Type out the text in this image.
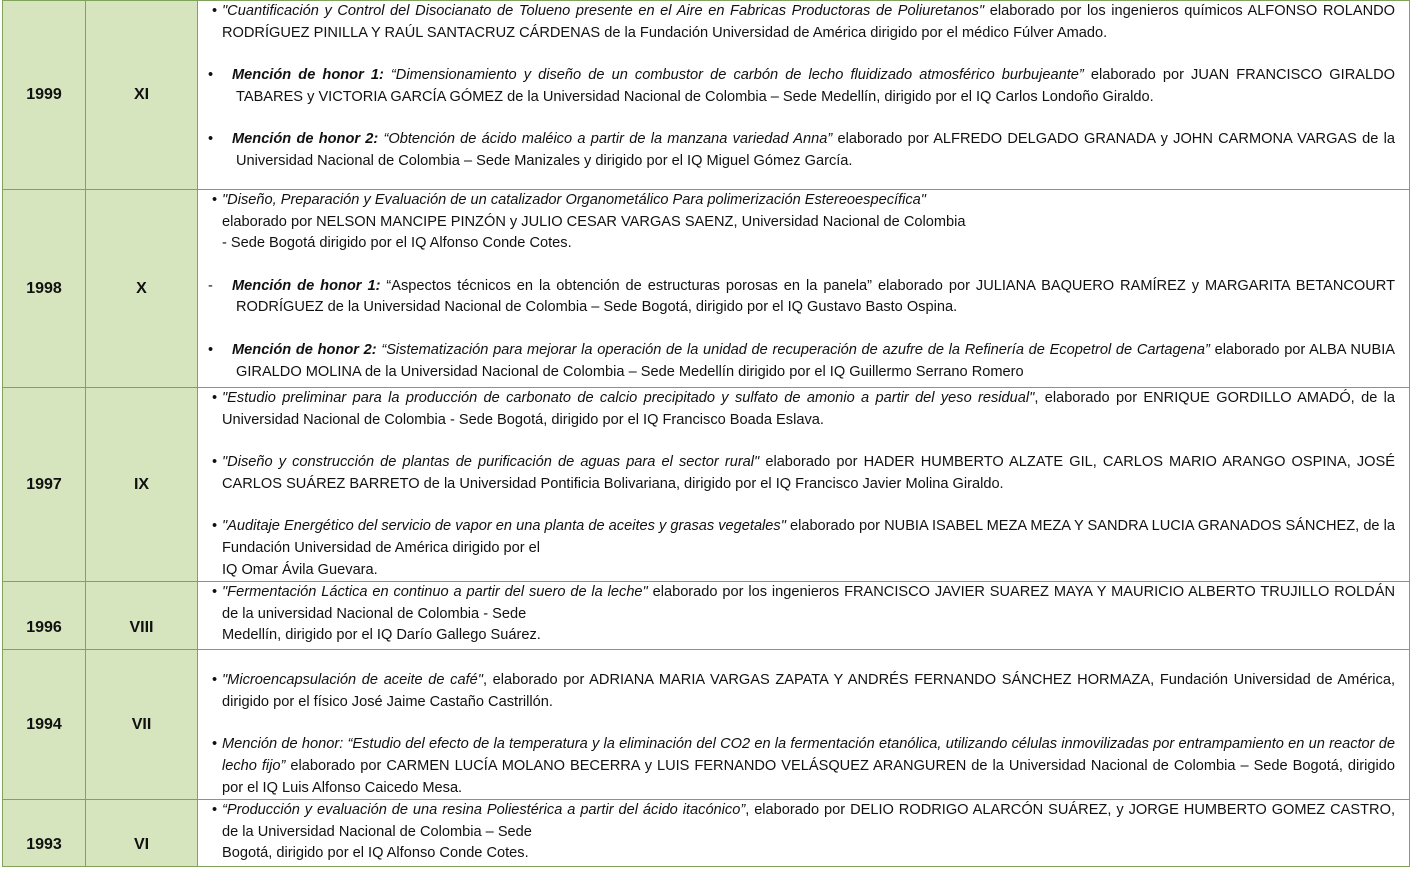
1999	XI	• "Cuantificación y Control del Disocianato de Tolueno presente en el Aire en Fabricas Productoras de Poliuretanos" elaborado por los ingenieros químicos ALFONSO ROLANDO RODRÍGUEZ PINILLA Y RAÚL SANTACRUZ CÁRDENAS de la Fundación Universidad de América dirigido por el médico Fúlver Amado.
• Mención de honor 1: “Dimensionamiento y diseño de un combustor de carbón de lecho fluidizado atmosférico burbujeante” elaborado por JUAN FRANCISCO GIRALDO TABARES y VICTORIA GARCÍA GÓMEZ de la Universidad Nacional de Colombia – Sede Medellín, dirigido por el IQ Carlos Londoño Giraldo.
• Mención de honor 2: “Obtención de ácido maléico a partir de la manzana variedad Anna” elaborado por ALFREDO DELGADO GRANADA y JOHN CARMONA VARGAS de la Universidad Nacional de Colombia – Sede Manizales y dirigido por el IQ Miguel Gómez García.

1998	X	• "Diseño, Preparación y Evaluación de un catalizador Organometálico Para polimerización Estereoespecífica"
elaborado por NELSON MANCIPE PINZÓN y JULIO CESAR VARGAS SAENZ, Universidad Nacional de Colombia
- Sede Bogotá dirigido por el IQ Alfonso Conde Cotes.
- Mención de honor 1: “Aspectos técnicos en la obtención de estructuras porosas en la panela” elaborado por JULIANA BAQUERO RAMÍREZ y MARGARITA BETANCOURT RODRÍGUEZ de la Universidad Nacional de Colombia – Sede Bogotá, dirigido por el IQ Gustavo Basto Ospina.
• Mención de honor 2: “Sistematización para mejorar la operación de la unidad de recuperación de azufre de la Refinería de Ecopetrol de Cartagena” elaborado por ALBA NUBIA GIRALDO MOLINA de la Universidad Nacional de Colombia – Sede Medellín dirigido por el IQ Guillermo Serrano Romero

1997	IX	• "Estudio preliminar para la producción de carbonato de calcio precipitado y sulfato de amonio a partir del yeso residual", elaborado por ENRIQUE GORDILLO AMADÓ, de la Universidad Nacional de Colombia - Sede Bogotá, dirigido por el IQ Francisco Boada Eslava.
• "Diseño y construcción de plantas de purificación de aguas para el sector rural" elaborado por HADER HUMBERTO ALZATE GIL, CARLOS MARIO ARANGO OSPINA, JOSÉ CARLOS SUÁREZ BARRETO de la Universidad Pontificia Bolivariana, dirigido por el IQ Francisco Javier Molina Giraldo.
• "Auditaje Energético del servicio de vapor en una planta de aceites y grasas vegetales" elaborado por NUBIA ISABEL MEZA MEZA Y SANDRA LUCIA GRANADOS SÁNCHEZ, de la Fundación Universidad de América dirigido por el
IQ Omar Ávila Guevara.

1996	VIII	• "Fermentación Láctica en continuo a partir del suero de la leche" elaborado por los ingenieros FRANCISCO JAVIER SUAREZ MAYA Y MAURICIO ALBERTO TRUJILLO ROLDÁN de la universidad Nacional de Colombia - Sede
Medellín, dirigido por el IQ Darío Gallego Suárez.

1994	VII	• "Microencapsulación de aceite de café", elaborado por ADRIANA MARIA VARGAS ZAPATA Y ANDRÉS FERNANDO SÁNCHEZ HORMAZA, Fundación Universidad de América, dirigido por el físico José Jaime Castaño Castrillón.
• Mención de honor: “Estudio del efecto de la temperatura y la eliminación del CO2 en la fermentación etanólica, utilizando células inmovilizadas por entrampamiento en un reactor de lecho fijo” elaborado por CARMEN LUCÍA MOLANO BECERRA y LUIS FERNANDO VELÁSQUEZ ARANGUREN de la Universidad Nacional de Colombia – Sede Bogotá, dirigido por el IQ Luis Alfonso Caicedo Mesa.

1993	VI	• “Producción y evaluación de una resina Poliestérica a partir del ácido itacónico”, elaborado por DELIO RODRIGO ALARCÓN SUÁREZ, y JORGE HUMBERTO GOMEZ CASTRO, de la Universidad Nacional de Colombia – Sede
Bogotá, dirigido por el IQ Alfonso Conde Cotes.
